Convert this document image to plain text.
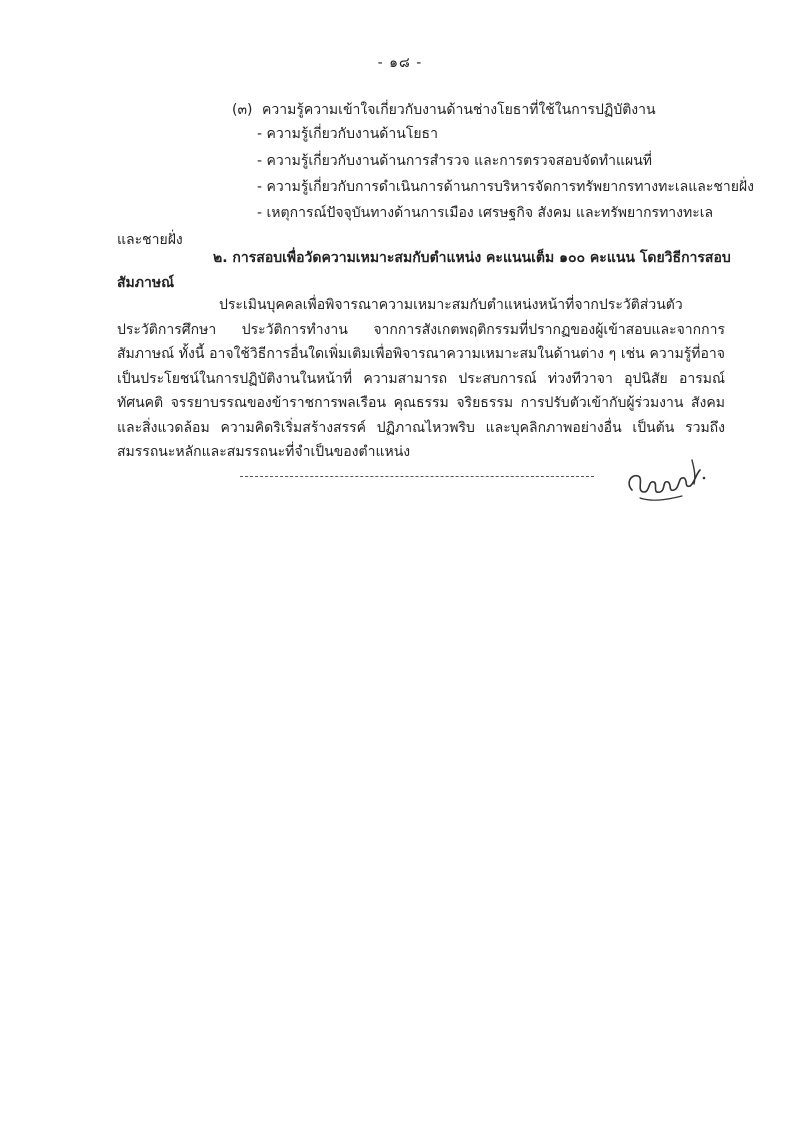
- ๑๘ -
(๓) ความรู้ความเข้าใจเกี่ยวกับงานด้านช่างโยธาที่ใช้ในการปฏิบัติงาน
- ความรู้เกี่ยวกับงานด้านโยธา
- ความรู้เกี่ยวกับงานด้านการสำรวจ และการตรวจสอบจัดทำแผนที่
- ความรู้เกี่ยวกับการดำเนินการด้านการบริหารจัดการทรัพยากรทางทะเลและชายฝั่ง
- เหตุการณ์ปัจจุบันทางด้านการเมือง เศรษฐกิจ สังคม และทรัพยากรทางทะเล
และชายฝั่ง
๒. การสอบเพื่อวัดความเหมาะสมกับตำแหน่ง คะแนนเต็ม ๑๐๐ คะแนน โดยวิธีการสอบ
สัมภาษณ์
ประเมินบุคคลเพื่อพิจารณาความเหมาะสมกับตำแหน่งหน้าที่จากประวัติส่วนตัว ประวัติการศึกษา ประวัติการทำงาน จากการสังเกตพฤติกรรมที่ปรากฏของผู้เข้าสอบและจากการสัมภาษณ์ ทั้งนี้ อาจใช้วิธีการอื่นใดเพิ่มเติมเพื่อพิจารณาความเหมาะสมในด้านต่าง ๆ เช่น ความรู้ที่อาจเป็นประโยชน์ในการปฏิบัติงานในหน้าที่ ความสามารถ ประสบการณ์ ท่วงทีวาจา อุปนิสัย อารมณ์ ทัศนคติ จรรยาบรรณของข้าราชการพลเรือน คุณธรรม จริยธรรม การปรับตัวเข้ากับผู้ร่วมงาน สังคมและสิ่งแวดล้อม ความคิดริเริ่มสร้างสรรค์ ปฏิภาณไหวพริบ และบุคลิกภาพอย่างอื่น เป็นต้น รวมถึงสมรรถนะหลักและสมรรถนะที่จำเป็นของตำแหน่ง
